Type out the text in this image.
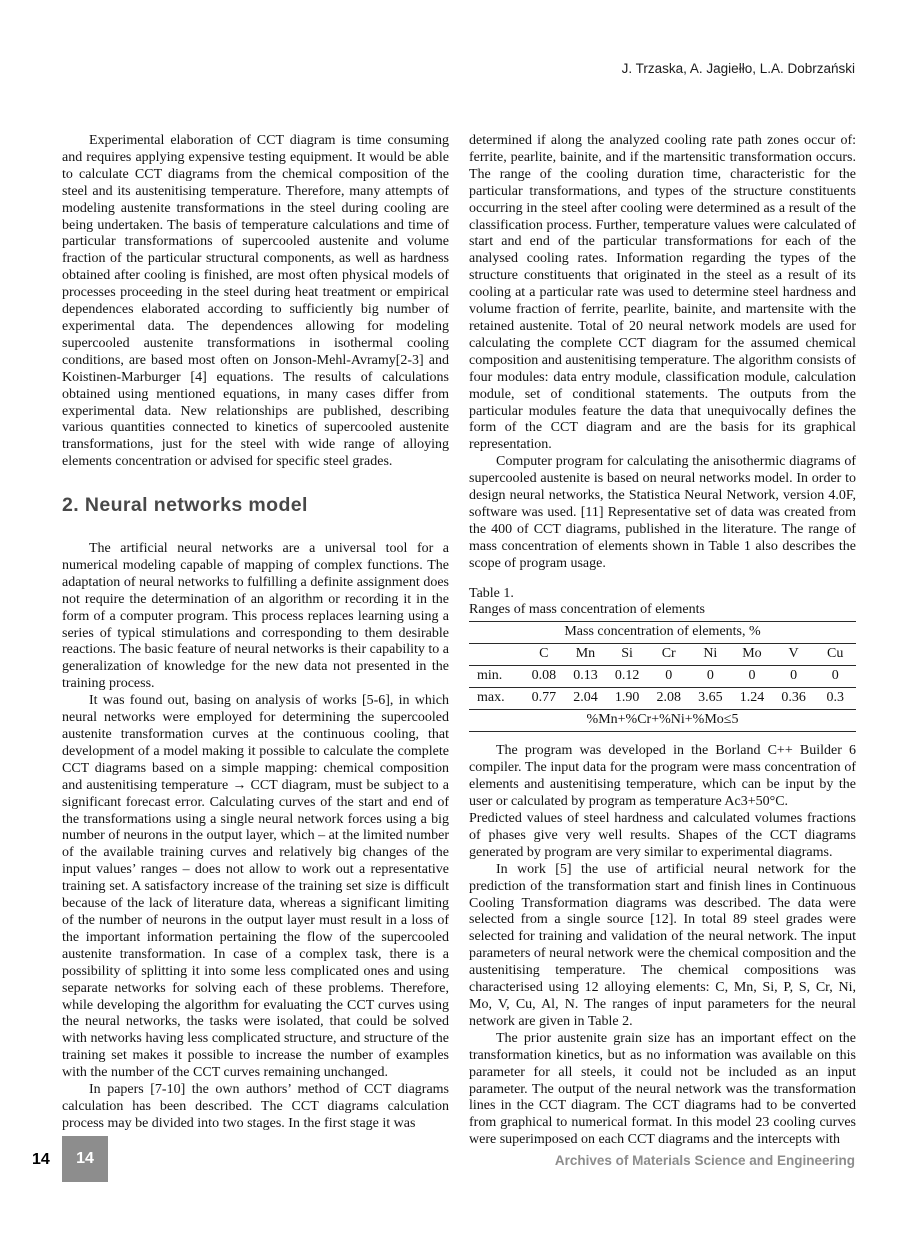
J. Trzaska, A. Jagiełło, L.A. Dobrzański

Experimental elaboration of CCT diagram is time consuming and requires applying expensive testing equipment. It would be able to calculate CCT diagrams from the chemical composition of the steel and its austenitising temperature. Therefore, many attempts of modeling austenite transformations in the steel during cooling are being undertaken. The basis of temperature calculations and time of particular transformations of supercooled austenite and volume fraction of the particular structural components, as well as hardness obtained after cooling is finished, are most often physical models of processes proceeding in the steel during heat treatment or empirical dependences elaborated according to sufficiently big number of experimental data. The dependences allowing for modeling supercooled austenite transformations in isothermal cooling conditions, are based most often on Jonson-Mehl-Avramy[2-3] and Koistinen-Marburger [4] equations. The results of calculations obtained using mentioned equations, in many cases differ from experimental data. New relationships are published, describing various quantities connected to kinetics of supercooled austenite transformations, just for the steel with wide range of alloying elements concentration or advised for specific steel grades.

2. Neural networks model

The artificial neural networks are a universal tool for a numerical modeling capable of mapping of complex functions. The adaptation of neural networks to fulfilling a definite assignment does not require the determination of an algorithm or recording it in the form of a computer program. This process replaces learning using a series of typical stimulations and corresponding to them desirable reactions. The basic feature of neural networks is their capability to a generalization of knowledge for the new data not presented in the training process.

It was found out, basing on analysis of works [5-6], in which neural networks were employed for determining the supercooled austenite transformation curves at the continuous cooling, that development of a model making it possible to calculate the complete CCT diagrams based on a simple mapping: chemical composition and austenitising temperature → CCT diagram, must be subject to a significant forecast error. Calculating curves of the start and end of the transformations using a single neural network forces using a big number of neurons in the output layer, which – at the limited number of the available training curves and relatively big changes of the input values’ ranges – does not allow to work out a representative training set. A satisfactory increase of the training set size is difficult because of the lack of literature data, whereas a significant limiting of the number of neurons in the output layer must result in a loss of the important information pertaining the flow of the supercooled austenite transformation. In case of a complex task, there is a possibility of splitting it into some less complicated ones and using separate networks for solving each of these problems. Therefore, while developing the algorithm for evaluating the CCT curves using the neural networks, the tasks were isolated, that could be solved with networks having less complicated structure, and structure of the training set makes it possible to increase the number of examples with the number of the CCT curves remaining unchanged.

In papers [7-10] the own authors’ method of CCT diagrams calculation has been described. The CCT diagrams calculation process may be divided into two stages. In the first stage it was

determined if along the analyzed cooling rate path zones occur of: ferrite, pearlite, bainite, and if the martensitic transformation occurs. The range of the cooling duration time, characteristic for the particular transformations, and types of the structure constituents occurring in the steel after cooling were determined as a result of the classification process. Further, temperature values were calculated of start and end of the particular transformations for each of the analysed cooling rates. Information regarding the types of the structure constituents that originated in the steel as a result of its cooling at a particular rate was used to determine steel hardness and volume fraction of ferrite, pearlite, bainite, and martensite with the retained austenite. Total of 20 neural network models are used for calculating the complete CCT diagram for the assumed chemical composition and austenitising temperature. The algorithm consists of four modules: data entry module, classification module, calculation module, set of conditional statements. The outputs from the particular modules feature the data that unequivocally defines the form of the CCT diagram and are the basis for its graphical representation.

Computer program for calculating the anisothermic diagrams of supercooled austenite is based on neural networks model. In order to design neural networks, the Statistica Neural Network, version 4.0F, software was used. [11] Representative set of data was created from the 400 of CCT diagrams, published in the literature. The range of mass concentration of elements shown in Table 1 also describes the scope of program usage.

Table 1.
Ranges of mass concentration of elements
Mass concentration of elements, %								
	C	Mn	Si	Cr	Ni	Mo	V	Cu
min.	0.08	0.13	0.12	0	0	0	0	0
max.	0.77	2.04	1.90	2.08	3.65	1.24	0.36	0.3
%Mn+%Cr+%Ni+%Mo≤5								

The program was developed in the Borland C++ Builder 6 compiler. The input data for the program were mass concentration of elements and austenitising temperature, which can be input by the user or calculated by program as temperature Ac3+50°C.

Predicted values of steel hardness and calculated volumes fractions of phases give very well results. Shapes of the CCT diagrams generated by program are very similar to experimental diagrams.

In work [5] the use of artificial neural network for the prediction of the transformation start and finish lines in Continuous Cooling Transformation diagrams was described. The data were selected from a single source [12]. In total 89 steel grades were selected for training and validation of the neural network. The input parameters of neural network were the chemical composition and the austenitising temperature. The chemical compositions was characterised using 12 alloying elements: C, Mn, Si, P, S, Cr, Ni, Mo, V, Cu, Al, N. The ranges of input parameters for the neural network are given in Table 2.

The prior austenite grain size has an important effect on the transformation kinetics, but as no information was available on this parameter for all steels, it could not be included as an input parameter. The output of the neural network was the transformation lines in the CCT diagram. The CCT diagrams had to be converted from graphical to numerical format. In this model 23 cooling curves were superimposed on each CCT diagrams and the intercepts with

14 14	Archives of Materials Science and Engineering
